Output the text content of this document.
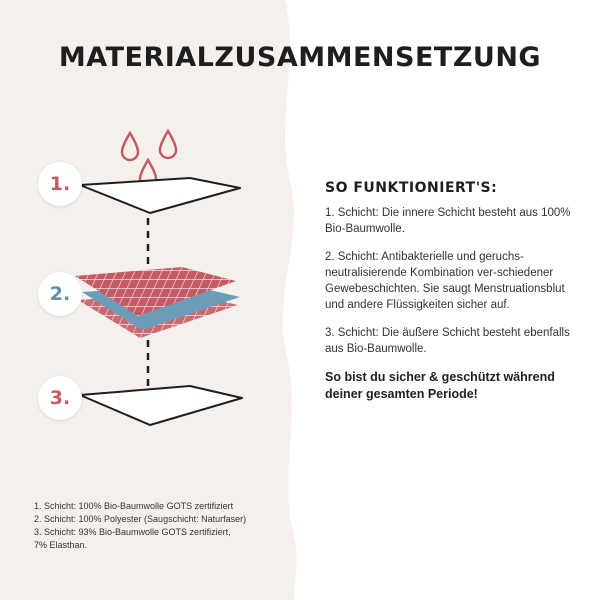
MATERIALZUSAMMENSETZUNG
1.
2.
3.
SO FUNKTIONIERT'S:

1. Schicht: Die innere Schicht besteht aus 100% Bio-Baumwolle.

2. Schicht: Antibakterielle und geruchs-neutralisierende Kombination ver-schiedener Gewebeschichten. Sie saugt Menstruationsblut und andere Flüssigkeiten sicher auf.

3. Schicht: Die äußere Schicht besteht ebenfalls aus Bio-Baumwolle.

So bist du sicher & geschützt während deiner gesamten Periode!

1. Schicht: 100% Bio-Baumwolle GOTS zertifiziert
2. Schicht: 100% Polyester (Saugschicht: Naturfaser)
3. Schicht: 93% Bio-Baumwolle GOTS zertifiziert,
7% Elasthan.
